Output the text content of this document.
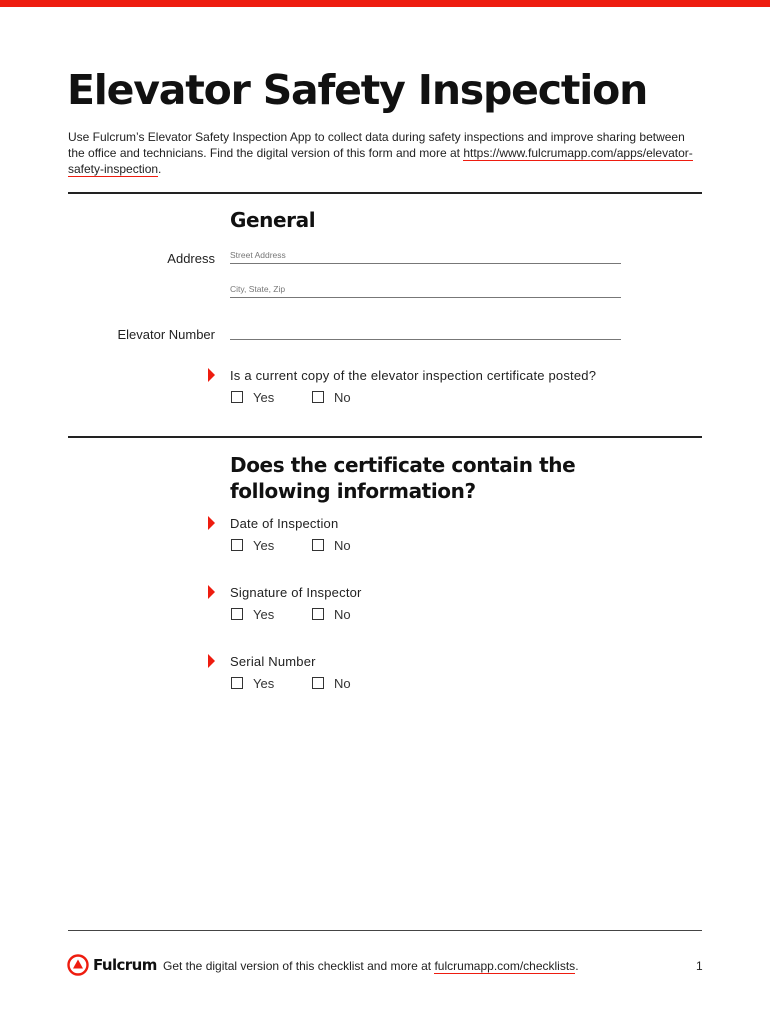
Elevator Safety Inspection

Use Fulcrum’s Elevator Safety Inspection App to collect data during safety inspections and improve sharing between the office and technicians. Find the digital version of this form and more at https://www.fulcrumapp.com/apps/elevator-safety-inspection.

General
Address Street Address
City, State, Zip
Elevator Number
Is a current copy of the elevator inspection certificate posted?
Yes	No
Does the certificate contain the
following information?
Date of Inspection
Yes	No
Signature of Inspector
Yes	No
Serial Number
Yes	No
Fulcrum Get the digital version of this checklist and more at fulcrumapp.com/checklists.	1
